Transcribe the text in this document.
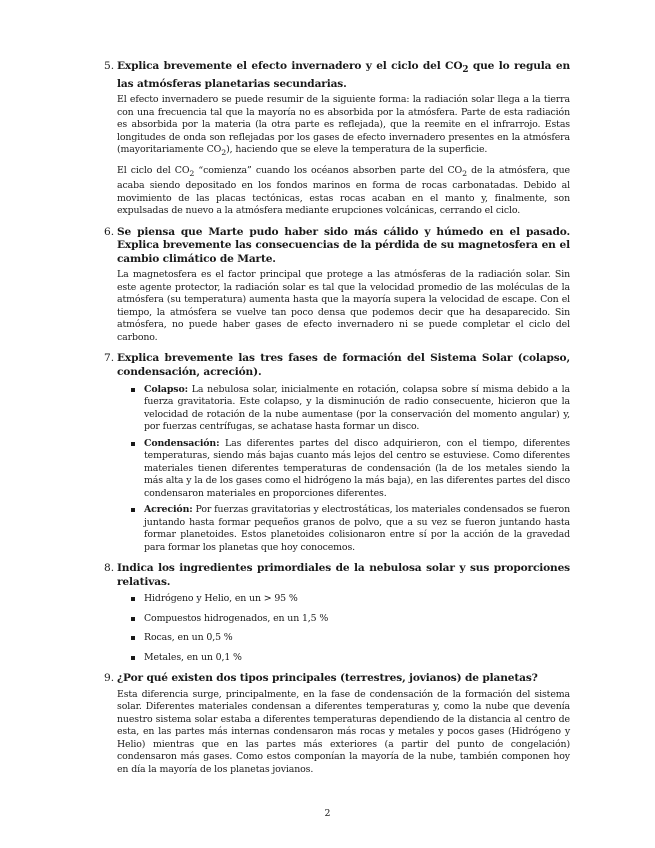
5. Explica brevemente el efecto invernadero y el ciclo del $CO_2$ que lo regula en las atmósferas planetarias secundarias.
El efecto invernadero se puede resumir de la siguiente forma: la radiación solar llega a la tierra con una frecuencia tal que la mayoría no es absorbida por la atmósfera. Parte de esta radiación es absorbida por la materia (la otra parte es reflejada), que la reemite en el infrarrojo. Estas longitudes de onda son reflejadas por los gases de efecto invernadero presentes en la atmósfera (mayoritariamente $CO_2$), haciendo que se eleve la temperatura de la superficie.
El ciclo del $CO_2$ “comienza” cuando los océanos absorben parte del $CO_2$ de la atmósfera, que acaba siendo depositado en los fondos marinos en forma de rocas carbonatadas. Debido al movimiento de las placas tectónicas, estas rocas acaban en el manto y, finalmente, son expulsadas de nuevo a la atmósfera mediante erupciones volcánicas, cerrando el ciclo.
6. Se piensa que Marte pudo haber sido más cálido y húmedo en el pasado. Explica brevemente las consecuencias de la pérdida de su magnetosfera en el cambio climático de Marte.
La magnetosfera es el factor principal que protege a las atmósferas de la radiación solar. Sin este agente protector, la radiación solar es tal que la velocidad promedio de las moléculas de la atmósfera (su temperatura) aumenta hasta que la mayoría supera la velocidad de escape. Con el tiempo, la atmósfera se vuelve tan poco densa que podemos decir que ha desaparecido. Sin atmósfera, no puede haber gases de efecto invernadero ni se puede completar el ciclo del carbono.
7. Explica brevemente las tres fases de formación del Sistema Solar (colapso, condensación, acreción).
Colapso: La nebulosa solar, inicialmente en rotación, colapsa sobre sí misma debido a la fuerza gravitatoria. Este colapso, y la disminución de radio consecuente, hicieron que la velocidad de rotación de la nube aumentase (por la conservación del momento angular) y, por fuerzas centrífugas, se achatase hasta formar un disco.
Condensación: Las diferentes partes del disco adquirieron, con el tiempo, diferentes temperaturas, siendo más bajas cuanto más lejos del centro se estuviese. Como diferentes materiales tienen diferentes temperaturas de condensación (la de los metales siendo la más alta y la de los gases como el hidrógeno la más baja), en las diferentes partes del disco condensaron materiales en proporciones diferentes.
Acreción: Por fuerzas gravitatorias y electrostáticas, los materiales condensados se fueron juntando hasta formar pequeños granos de polvo, que a su vez se fueron juntando hasta formar planetoides. Estos planetoides colisionaron entre sí por la acción de la gravedad para formar los planetas que hoy conocemos.
8. Indica los ingredientes primordiales de la nebulosa solar y sus proporciones relativas.
Hidrógeno y Helio, en un > 95 %
Compuestos hidrogenados, en un 1,5 %
Rocas, en un 0,5 %
Metales, en un 0,1 %
9. ¿Por qué existen dos tipos principales (terrestres, jovianos) de planetas?
Esta diferencia surge, principalmente, en la fase de condensación de la formación del sistema solar. Diferentes materiales condensan a diferentes temperaturas y, como la nube que devenía nuestro sistema solar estaba a diferentes temperaturas dependiendo de la distancia al centro de esta, en las partes más internas condensaron más rocas y metales y pocos gases (Hidrógeno y Helio) mientras que en las partes más exteriores (a partir del punto de congelación) condensaron más gases. Como estos componían la mayoría de la nube, también componen hoy en día la mayoría de los planetas jovianos.
2
